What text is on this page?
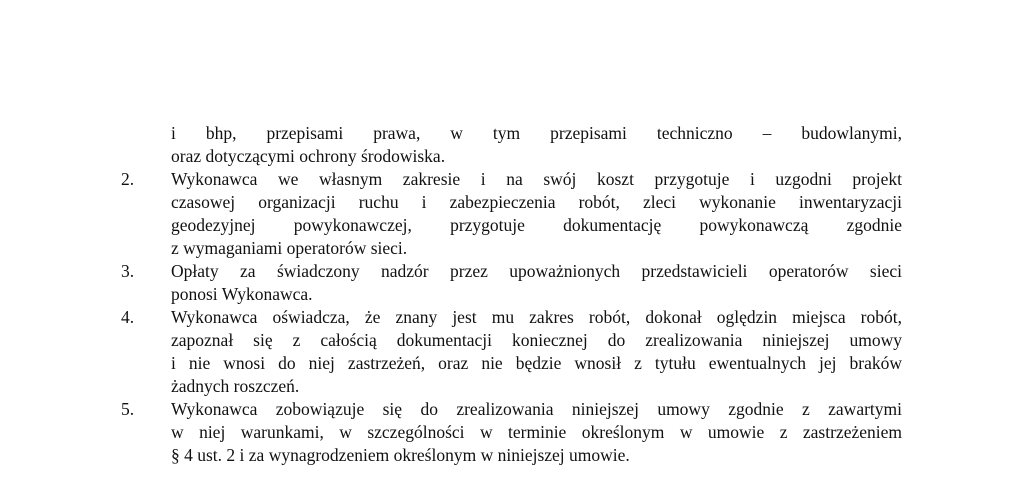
i bhp, przepisami prawa, w tym przepisami techniczno – budowlanymi,
oraz dotyczącymi ochrony środowiska.
2. Wykonawca we własnym zakresie i na swój koszt przygotuje i uzgodni projekt
czasowej organizacji ruchu i zabezpieczenia robót, zleci wykonanie inwentaryzacji
geodezyjnej powykonawczej, przygotuje dokumentację powykonawczą zgodnie
z wymaganiami operatorów sieci.
3. Opłaty za świadczony nadzór przez upoważnionych przedstawicieli operatorów sieci
ponosi Wykonawca.
4. Wykonawca oświadcza, że znany jest mu zakres robót, dokonał oględzin miejsca robót,
zapoznał się z całością dokumentacji koniecznej do zrealizowania niniejszej umowy
i nie wnosi do niej zastrzeżeń, oraz nie będzie wnosił z tytułu ewentualnych jej braków
żadnych roszczeń.
5. Wykonawca zobowiązuje się do zrealizowania niniejszej umowy zgodnie z zawartymi
w niej warunkami, w szczególności w terminie określonym w umowie z zastrzeżeniem
§ 4 ust. 2 i za wynagrodzeniem określonym w niniejszej umowie.
